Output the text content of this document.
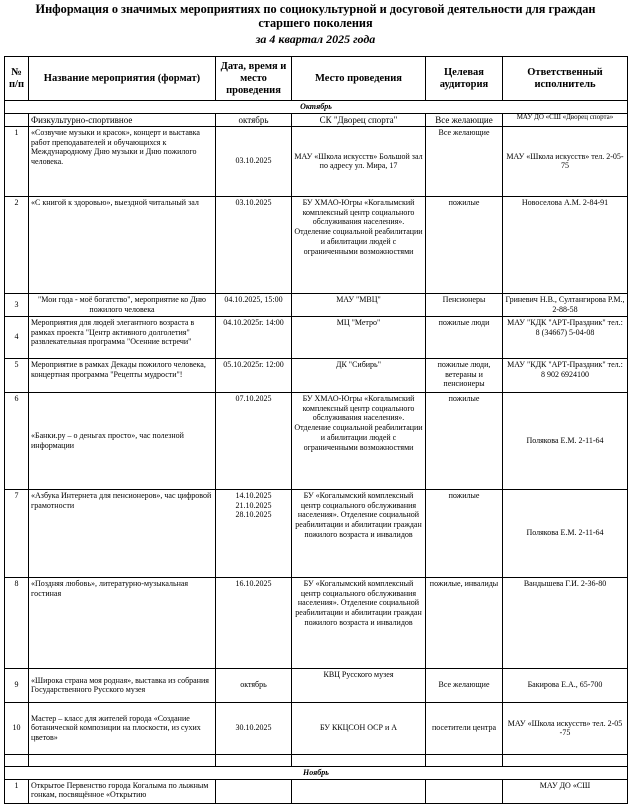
Информация о значимых мероприятиях по социокультурной и досуговой деятельности для граждан старшего поколения
за 4 квартал 2025 года
№ п/п	Название мероприятия (формат)	Дата, время и место проведения	Место проведения	Целевая аудитория	Ответственный исполнитель
Октябрь					
	Физкультурно-спортивное	октябрь	СК "Дворец спорта"	Все желающие	МАУ ДО «СШ «Дворец спорта»
1	«Созвучие музыки и красок», концерт и выставка работ преподавателей и обучающихся к Международному Дню музыки и Дню пожилого человека.	03.10.2025	МАУ «Школа искусств» Большой зал по адресу ул. Мира, 17	Все желающие	МАУ «Школа искусств» тел. 2-05- 75
2	«С книгой к здоровью», выездной читальный зал	03.10.2025	БУ ХМАО-Югры «Когалымский комплексный центр социального обслуживания населения». Отделение социальной реабилитации и абилитации людей с ограниченными возможностями	пожилые	Новоселова А.М. 2-84-91
3	"Мои года - моё богатство", мероприятие ко Дню пожилого человека	04.10.2025, 15:00	МАУ "МВЦ"	Пенсионеры	Гриневич Н.В., Султангирова Р.М., 2-88-58
4	Мероприятия для людей элегантного возраста в рамках проекта "Центр активного долголетия" развлекательная программа "Осенние встречи"	04.10.2025г. 14:00	МЦ "Метро"	пожилые люди	МАУ "КДК "АРТ-Праздник" тел.: 8 (34667) 5-04-08
5	Мероприятие в рамках Декады пожилого человека, концертная программа "Рецепты мудрости"!	05.10.2025г. 12:00	ДК "Сибирь"	пожилые люди, ветераны и пенсионеры	МАУ "КДК "АРТ-Праздник" тел.: 8 902 6924100
6	«Банки.ру – о деньгах просто», час полезной информации	07.10.2025	БУ ХМАО-Югры «Когалымский комплексный центр социального обслуживания населения». Отделение социальной реабилитации и абилитации людей с ограниченными возможностями	пожилые	Полякова Е.М. 2-11-64
7	«Азбука Интернета для пенсионеров», час цифровой грамотности	14.10.2025 21.10.2025 28.10.2025	БУ «Когалымский комплексный центр социального обслуживания населения». Отделение социальной реабилитации и абилитации граждан пожилого возраста и инвалидов	пожилые	Полякова Е.М. 2-11-64
8	«Поздняя любовь», литературно-музыкальная гостиная	16.10.2025	БУ «Когалымский комплексный центр социального обслуживания населения». Отделение социальной реабилитации и абилитации граждан пожилого возраста и инвалидов	пожилые, инвалиды	Вандышева Г.И. 2-36-80
9	«Широка страна моя родная», выставка из собрания Государственного Русского музея	октябрь	КВЦ Русского музея	Все желающие	Бакирова Е.А., 65-700
10	Мастер – класс для жителей города «Создание ботанической композиции на плоскости, из сухих цветов»	30.10.2025	БУ ККЦСОН ОСР и А	посетители центра	МАУ «Школа искусств» тел. 2-05 -75

Ноябрь					
1	Открытое Первенство города Когалыма по лыжным гонкам, посвящённое «Открытию				МАУ ДО «СШ
